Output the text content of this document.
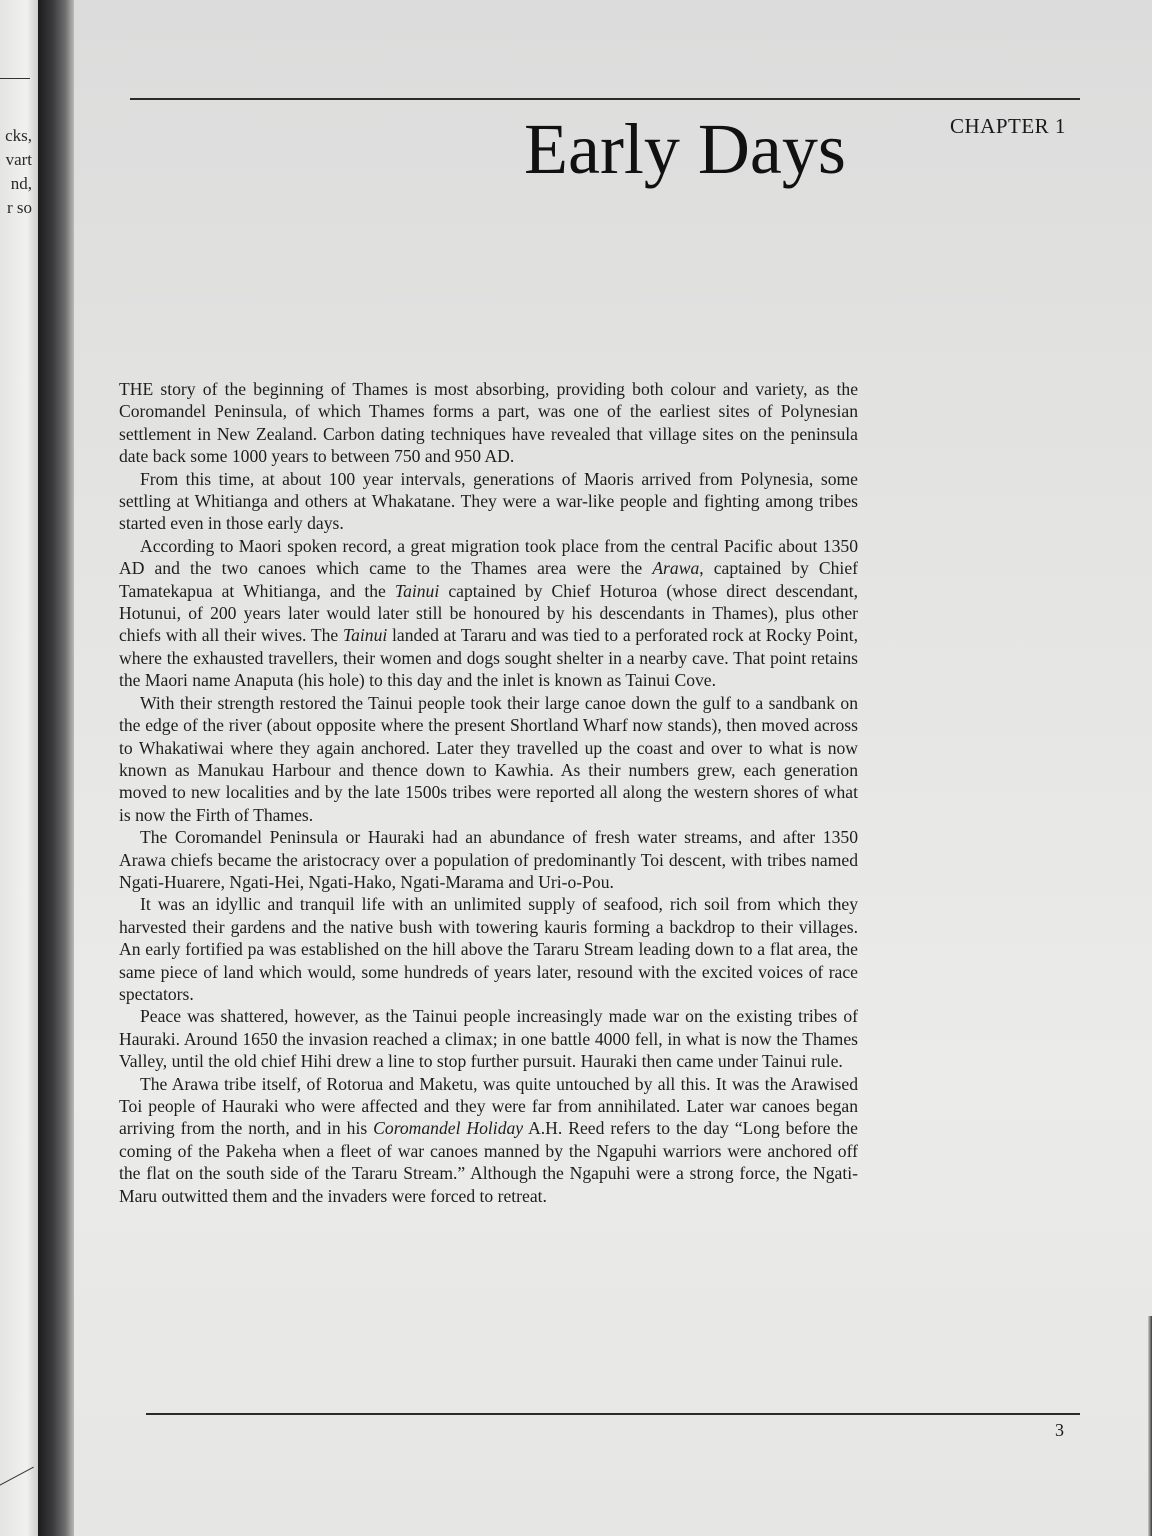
cks,
vart
nd,
r so
CHAPTER 1
Early Days

THE story of the beginning of Thames is most absorbing, providing both colour and variety, as the Coromandel Peninsula, of which Thames forms a part, was one of the earliest sites of Polynesian settlement in New Zealand. Carbon dating techniques have revealed that village sites on the peninsula date back some 1000 years to between 750 and 950 AD.

From this time, at about 100 year intervals, generations of Maoris arrived from Polynesia, some settling at Whitianga and others at Whakatane. They were a war-like people and fighting among tribes started even in those early days.

According to Maori spoken record, a great migration took place from the central Pacific about 1350 AD and the two canoes which came to the Thames area were the Arawa, captained by Chief Tamatekapua at Whitianga, and the Tainui captained by Chief Hoturoa (whose direct descendant, Hotunui, of 200 years later would later still be honoured by his descendants in Thames), plus other chiefs with all their wives. The Tainui landed at Tararu and was tied to a perforated rock at Rocky Point, where the exhausted travellers, their women and dogs sought shelter in a nearby cave. That point retains the Maori name Anaputa (his hole) to this day and the inlet is known as Tainui Cove.

With their strength restored the Tainui people took their large canoe down the gulf to a sandbank on the edge of the river (about opposite where the present Shortland Wharf now stands), then moved across to Whakatiwai where they again anchored. Later they travelled up the coast and over to what is now known as Manukau Harbour and thence down to Kawhia. As their numbers grew, each generation moved to new localities and by the late 1500s tribes were reported all along the western shores of what is now the Firth of Thames.

The Coromandel Peninsula or Hauraki had an abundance of fresh water streams, and after 1350 Arawa chiefs became the aristocracy over a population of predominantly Toi descent, with tribes named Ngati-Huarere, Ngati-Hei, Ngati-Hako, Ngati-Marama and Uri-o-Pou.

It was an idyllic and tranquil life with an unlimited supply of seafood, rich soil from which they harvested their gardens and the native bush with towering kauris forming a backdrop to their villages. An early fortified pa was established on the hill above the Tararu Stream leading down to a flat area, the same piece of land which would, some hundreds of years later, resound with the excited voices of race spectators.

Peace was shattered, however, as the Tainui people increasingly made war on the existing tribes of Hauraki. Around 1650 the invasion reached a climax; in one battle 4000 fell, in what is now the Thames Valley, until the old chief Hihi drew a line to stop further pursuit. Hauraki then came under Tainui rule.

The Arawa tribe itself, of Rotorua and Maketu, was quite untouched by all this. It was the Arawised Toi people of Hauraki who were affected and they were far from annihilated. Later war canoes began arriving from the north, and in his Coromandel Holiday A.H. Reed refers to the day “Long before the coming of the Pakeha when a fleet of war canoes manned by the Ngapuhi warriors were anchored off the flat on the south side of the Tararu Stream.” Although the Ngapuhi were a strong force, the Ngati-Maru outwitted them and the invaders were forced to retreat.

3
